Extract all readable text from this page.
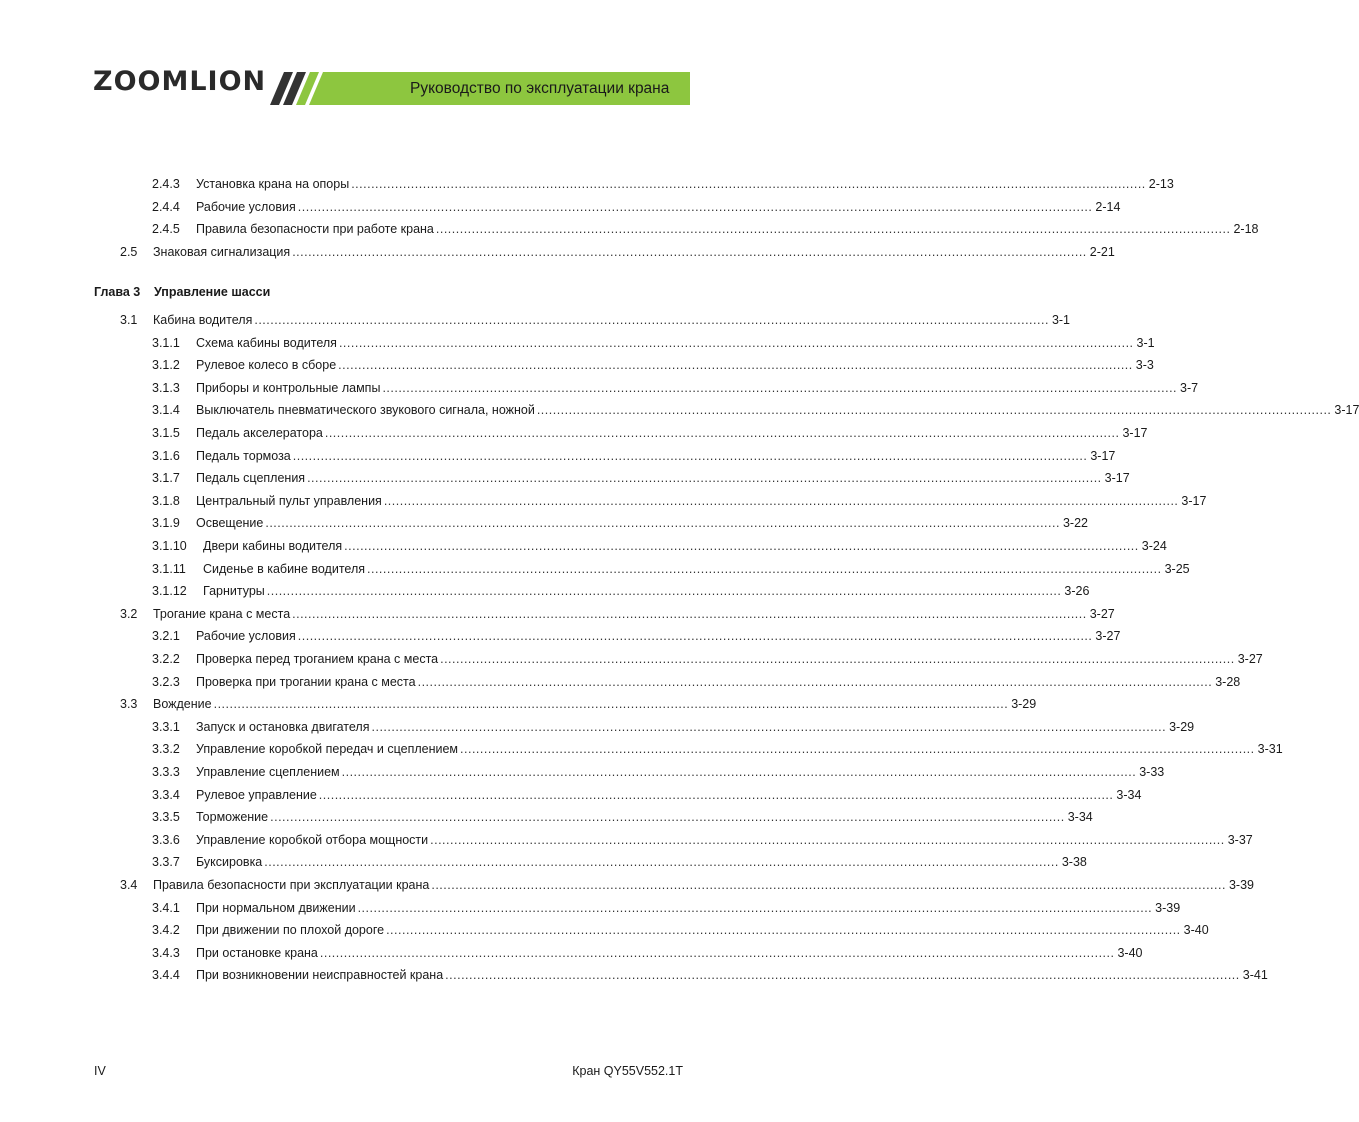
ZOOMLION	Руководство по эксплуатации крана
2.4.3 Установка крана на опоры ........................................................................................................................................................................................................ 2-13
2.4.4 Рабочие условия ........................................................................................................................................................................................................ 2-14
2.4.5 Правила безопасности при работе крана ........................................................................................................................................................................................................ 2-18
2.5 Знаковая сигнализация ........................................................................................................................................................................................................ 2-21
3.1 Кабина водителя ........................................................................................................................................................................................................ 3-1
3.1.1 Схема кабины водителя ........................................................................................................................................................................................................ 3-1
3.1.2 Рулевое колесо в сборе ........................................................................................................................................................................................................ 3-3
3.1.3 Приборы и контрольные лампы ........................................................................................................................................................................................................ 3-7
3.1.4 Выключатель пневматического звукового сигнала, ножной ........................................................................................................................................................................................................ 3-17
3.1.5 Педаль акселератора ........................................................................................................................................................................................................ 3-17
3.1.6 Педаль тормоза ........................................................................................................................................................................................................ 3-17
3.1.7 Педаль сцепления ........................................................................................................................................................................................................ 3-17
3.1.8 Центральный пульт управления ........................................................................................................................................................................................................ 3-17
3.1.9 Освещение ........................................................................................................................................................................................................ 3-22
3.1.10 Двери кабины водителя ........................................................................................................................................................................................................ 3-24
3.1.11 Сиденье в кабине водителя ........................................................................................................................................................................................................ 3-25
3.1.12 Гарнитуры ........................................................................................................................................................................................................ 3-26
3.2 Трогание крана с места ........................................................................................................................................................................................................ 3-27
3.2.1 Рабочие условия ........................................................................................................................................................................................................ 3-27
3.2.2 Проверка перед троганием крана с места ........................................................................................................................................................................................................ 3-27
3.2.3 Проверка при трогании крана с места ........................................................................................................................................................................................................ 3-28
3.3 Вождение ........................................................................................................................................................................................................ 3-29
3.3.1 Запуск и остановка двигателя ........................................................................................................................................................................................................ 3-29
3.3.2 Управление коробкой передач и сцеплением ........................................................................................................................................................................................................ 3-31
3.3.3 Управление сцеплением ........................................................................................................................................................................................................ 3-33
3.3.4 Рулевое управление ........................................................................................................................................................................................................ 3-34
3.3.5 Торможение ........................................................................................................................................................................................................ 3-34
3.3.6 Управление коробкой отбора мощности ........................................................................................................................................................................................................ 3-37
3.3.7 Буксировка ........................................................................................................................................................................................................ 3-38
3.4 Правила безопасности при эксплуатации крана ........................................................................................................................................................................................................ 3-39
3.4.1 При нормальном движении ........................................................................................................................................................................................................ 3-39
3.4.2 При движении по плохой дороге ........................................................................................................................................................................................................ 3-40
3.4.3 При остановке крана ........................................................................................................................................................................................................ 3-40
3.4.4 При возникновении неисправностей крана ........................................................................................................................................................................................................ 3-41
Глава 3 Управление шасси
IV	Кран QY55V552.1T
